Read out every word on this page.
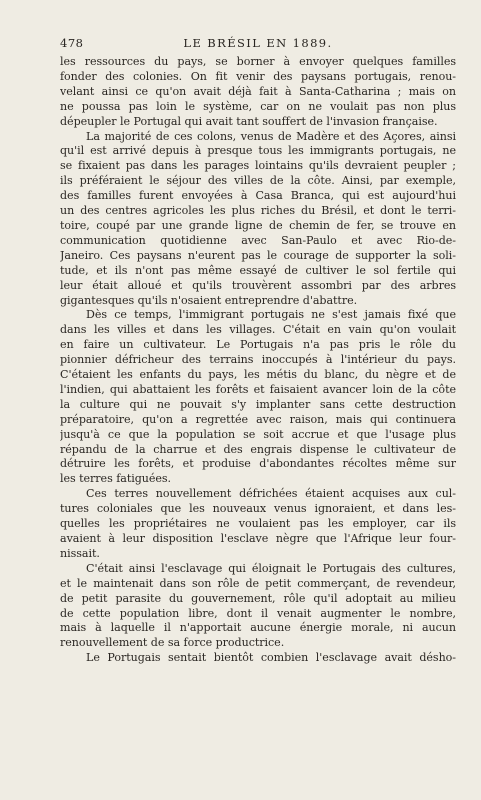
478	LE BRÉSIL EN 1889.
les ressources du pays, se borner à envoyer quelques familles
fonder des colonies. On fit venir des paysans portugais, renou-
velant ainsi ce qu'on avait déjà fait à Santa-Catharina ; mais on
ne poussa pas loin le système, car on ne voulait pas non plus
dépeupler le Portugal qui avait tant souffert de l'invasion française.
La majorité de ces colons, venus de Madère et des Açores, ainsi
qu'il est arrivé depuis à presque tous les immigrants portugais, ne
se fixaient pas dans les parages lointains qu'ils devraient peupler ;
ils préféraient le séjour des villes de la côte. Ainsi, par exemple,
des familles furent envoyées à Casa Branca, qui est aujourd'hui
un des centres agricoles les plus riches du Brésil, et dont le terri-
toire, coupé par une grande ligne de chemin de fer, se trouve en
communication quotidienne avec San-Paulo et avec Rio-de-
Janeiro. Ces paysans n'eurent pas le courage de supporter la soli-
tude, et ils n'ont pas même essayé de cultiver le sol fertile qui
leur était alloué et qu'ils trouvèrent assombri par des arbres
gigantesques qu'ils n'osaient entreprendre d'abattre.
Dès ce temps, l'immigrant portugais ne s'est jamais fixé que
dans les villes et dans les villages. C'était en vain qu'on voulait
en faire un cultivateur. Le Portugais n'a pas pris le rôle du
pionnier défricheur des terrains inoccupés à l'intérieur du pays.
C'étaient les enfants du pays, les métis du blanc, du nègre et de
l'indien, qui abattaient les forêts et faisaient avancer loin de la côte
la culture qui ne pouvait s'y implanter sans cette destruction
préparatoire, qu'on a regrettée avec raison, mais qui continuera
jusqu'à ce que la population se soit accrue et que l'usage plus
répandu de la charrue et des engrais dispense le cultivateur de
détruire les forêts, et produise d'abondantes récoltes même sur
les terres fatiguées.
Ces terres nouvellement défrichées étaient acquises aux cul-
tures coloniales que les nouveaux venus ignoraient, et dans les-
quelles les propriétaires ne voulaient pas les employer, car ils
avaient à leur disposition l'esclave nègre que l'Afrique leur four-
nissait.
C'était ainsi l'esclavage qui éloignait le Portugais des cultures,
et le maintenait dans son rôle de petit commerçant, de revendeur,
de petit parasite du gouvernement, rôle qu'il adoptait au milieu
de cette population libre, dont il venait augmenter le nombre,
mais à laquelle il n'apportait aucune énergie morale, ni aucun
renouvellement de sa force productrice.
Le Portugais sentait bientôt combien l'esclavage avait désho-
